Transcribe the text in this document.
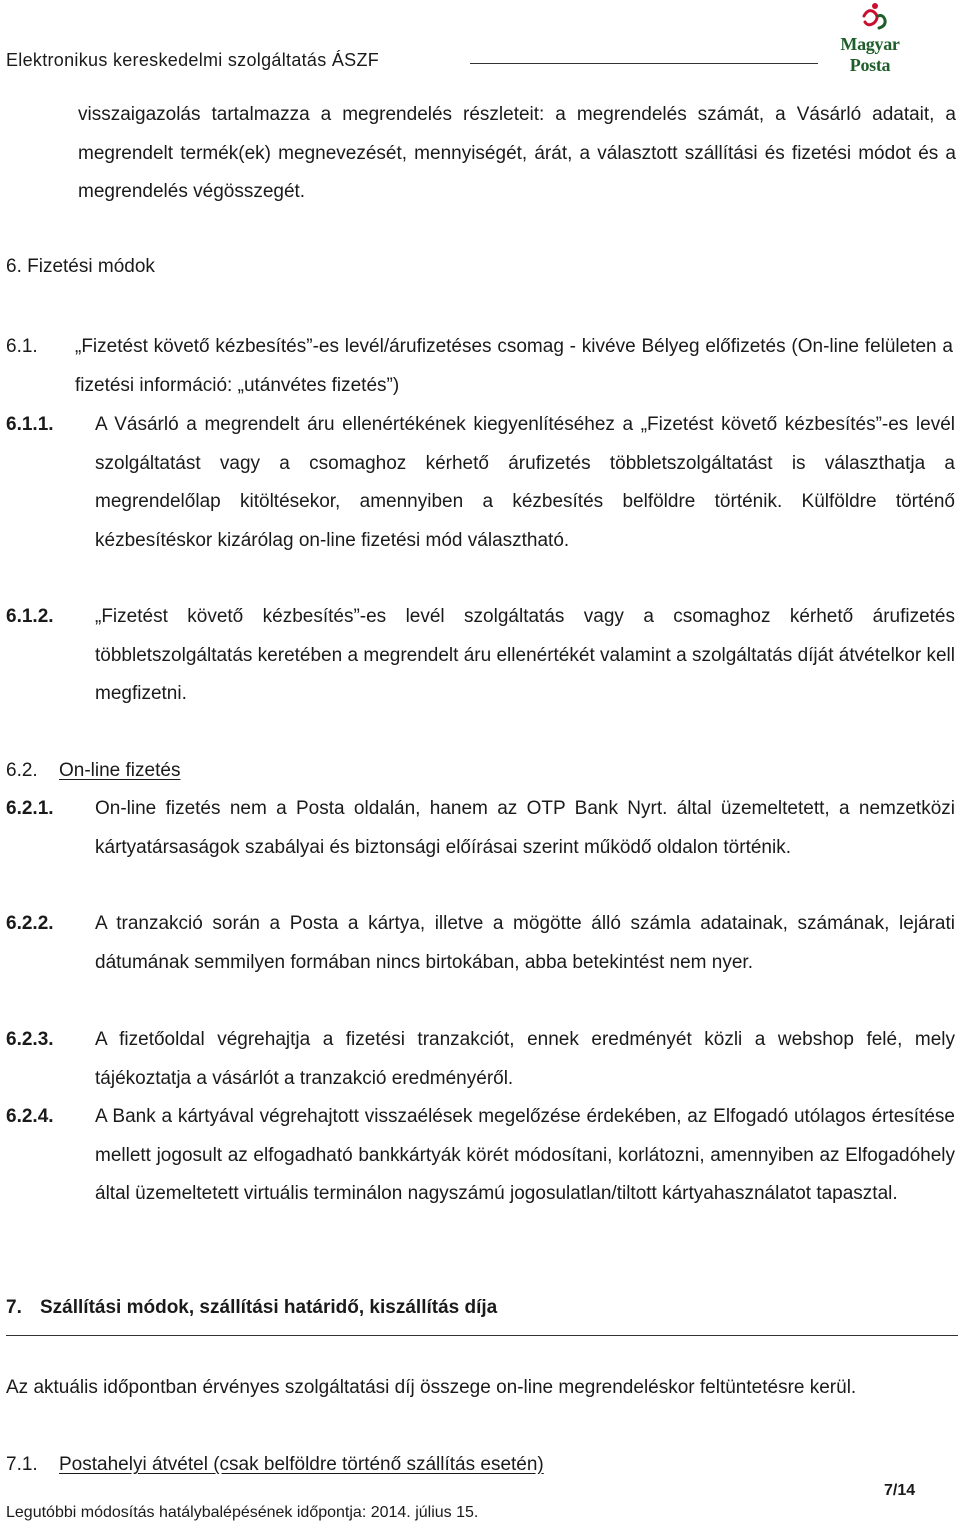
Elektronikus kereskedelmi szolgáltatás ÁSZF
Magyar Posta
visszaigazolás tartalmazza a megrendelés részleteit: a megrendelés számát, a Vásárló adatait, a megrendelt termék(ek) megnevezését, mennyiségét, árát, a választott szállítási és fizetési módot és a megrendelés végösszegét.
6. Fizetési módok
6.1. „Fizetést követő kézbesítés”-es levél/árufizetéses csomag - kivéve Bélyeg előfizetés (On-line felületen a fizetési információ: „utánvétes fizetés”)
6.1.1. A Vásárló a megrendelt áru ellenértékének kiegyenlítéséhez a „Fizetést követő kézbesítés”-es levél szolgáltatást vagy a csomaghoz kérhető árufizetés többletszolgáltatást is választhatja a megrendelőlap kitöltésekor, amennyiben a kézbesítés belföldre történik. Külföldre történő kézbesítéskor kizárólag on-line fizetési mód választható.
6.1.2. „Fizetést követő kézbesítés”-es levél szolgáltatás vagy a csomaghoz kérhető árufizetés többletszolgáltatás keretében a megrendelt áru ellenértékét valamint a szolgáltatás díját átvételkor kell megfizetni.
6.2. On-line fizetés
6.2.1. On-line fizetés nem a Posta oldalán, hanem az OTP Bank Nyrt. által üzemeltetett, a nemzetközi kártyatársaságok szabályai és biztonsági előírásai szerint működő oldalon történik.
6.2.2. A tranzakció során a Posta a kártya, illetve a mögötte álló számla adatainak, számának, lejárati dátumának semmilyen formában nincs birtokában, abba betekintést nem nyer.
6.2.3. A fizetőoldal végrehajtja a fizetési tranzakciót, ennek eredményét közli a webshop felé, mely tájékoztatja a vásárlót a tranzakció eredményéről.
6.2.4. A Bank a kártyával végrehajtott visszaélések megelőzése érdekében, az Elfogadó utólagos értesítése mellett jogosult az elfogadható bankkártyák körét módosítani, korlátozni, amennyiben az Elfogadóhely által üzemeltetett virtuális terminálon nagyszámú jogosulatlan/tiltott kártyahasználatot tapasztal.
7. Szállítási módok, szállítási határidő, kiszállítás díja
Az aktuális időpontban érvényes szolgáltatási díj összege on-line megrendeléskor feltüntetésre kerül.
7.1. Postahelyi átvétel (csak belföldre történő szállítás esetén)
7/14
Legutóbbi módosítás hatálybalépésének időpontja: 2014. július 15.
